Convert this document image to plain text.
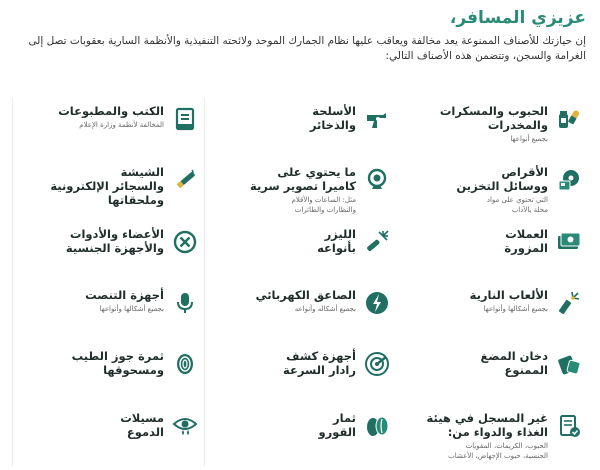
عزيزي المسافر،

إن حيازتك للأصناف الممنوعة يعد مخالفة ويعاقب عليها نظام الجمارك الموحد ولائحته التنفيذية والأنظمة السارية بعقوبات تصل إلى الغرامة والسجن، وتتضمن هذه الأصناف التالي:

الحبوب والمسكرات
والمخدرات
بجميع أنواعها
الأسلحة
والذخائر
الكتب والمطبوعات
المخالفة لأنظمة وزارة الإعلام
الأقراص
ووسائل التخزين
التي تحتوي على مواد
مخلة بالآداب
ما يحتوي على
كاميرا تصوير سرية
مثل: الساعات والأقلام
والنظارات والطائرات
الشيشة
والسجائر الإلكترونية
وملحقاتها
العملات
المزورة
الليزر
بأنواعه
الأعضاء والأدوات
والأجهزة الجنسية
الألعاب النارية
بجميع أشكالها وأنواعها
الصاعق الكهربائي
بجميع أشكاله وأنواعه
أجهزة التنصت
بجميع أشكالها وأنواعها
دخان المضغ
الممنوع
أجهزة كشف
رادار السرعة
ثمرة جوز الطيب
ومسحوقها
غير المسجل في هيئة
الغذاء والدواء من:
الحبوب، الكريمات، المقويات
الجنسية، حبوب الإجهاض، الأعشاب
ثمار
القورو
مسيلات
الدموع
